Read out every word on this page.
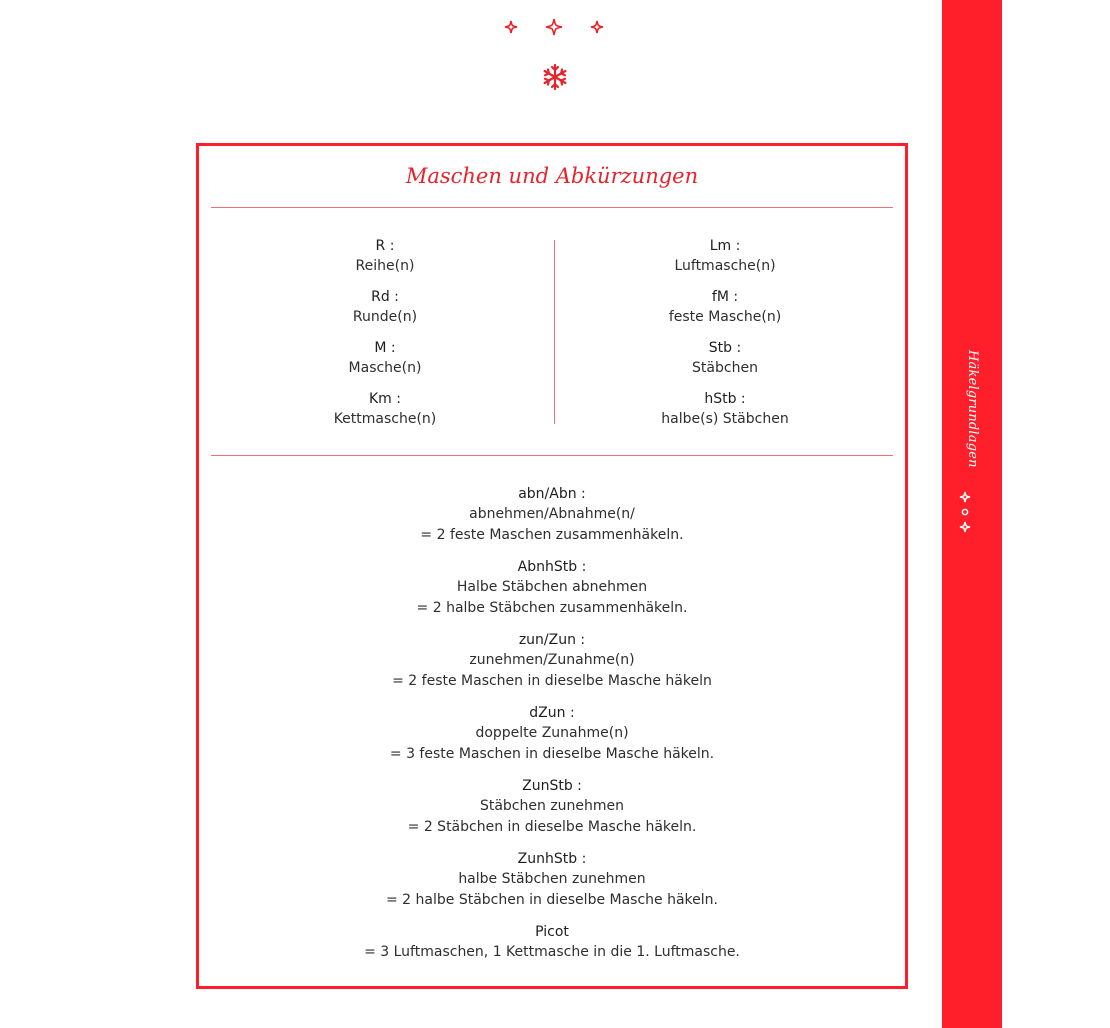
Maschen und Abkürzungen
R :
Reihe(n)
Rd :
Runde(n)
M :
Masche(n)
Km :
Kettmasche(n)
Lm :
Luftmasche(n)
fM :
feste Masche(n)
Stb :
Stäbchen
hStb :
halbe(s) Stäbchen
abn/Abn :
abnehmen/Abnahme(n/
= 2 feste Maschen zusammenhäkeln.
AbnhStb :
Halbe Stäbchen abnehmen
= 2 halbe Stäbchen zusammenhäkeln.
zun/Zun :
zunehmen/Zunahme(n)
= 2 feste Maschen in dieselbe Masche häkeln
dZun :
doppelte Zunahme(n)
= 3 feste Maschen in dieselbe Masche häkeln.
ZunStb :
Stäbchen zunehmen
= 2 Stäbchen in dieselbe Masche häkeln.
ZunhStb :
halbe Stäbchen zunehmen
= 2 halbe Stäbchen in dieselbe Masche häkeln.
Picot
= 3 Luftmaschen, 1 Kettmasche in die 1. Luftmasche.
Häkelgrundlagen
